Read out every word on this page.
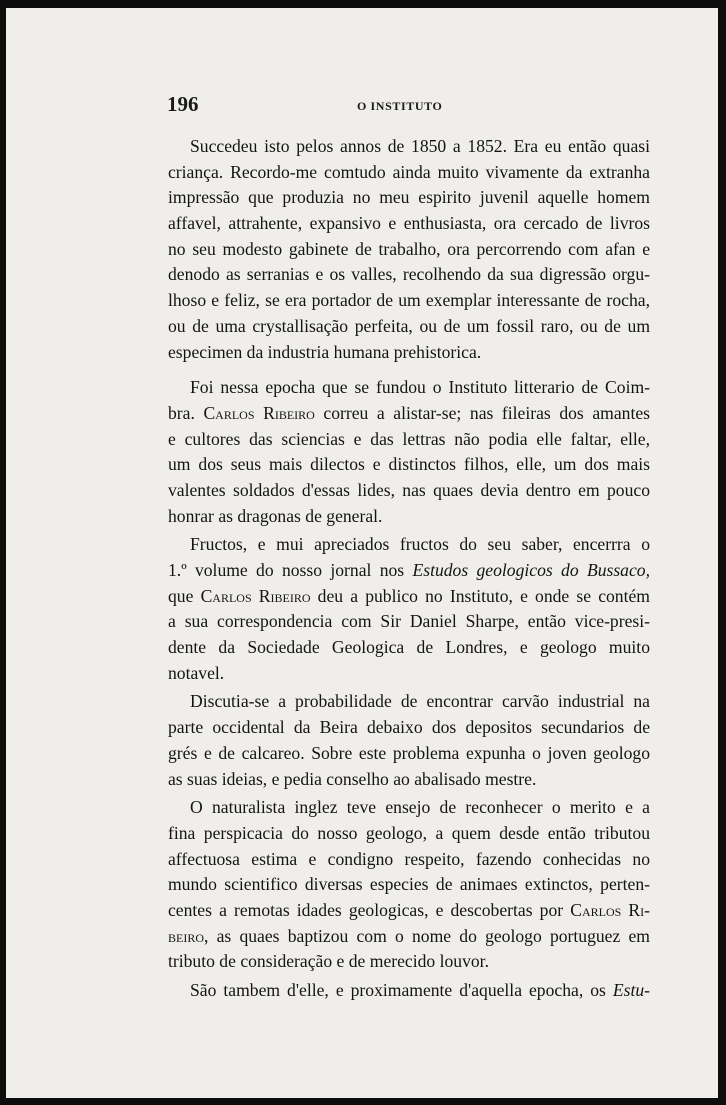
196	O INSTITUTO
Succedeu isto pelos annos de 1850 a 1852. Era eu então quasi
criança. Recordo-me comtudo ainda muito vivamente da extranha
impressão que produzia no meu espirito juvenil aquelle homem
affavel, attrahente, expansivo e enthusiasta, ora cercado de livros
no seu modesto gabinete de trabalho, ora percorrendo com afan e
denodo as serranias e os valles, recolhendo da sua digressão orgu-
lhoso e feliz, se era portador de um exemplar interessante de rocha,
ou de uma crystallisação perfeita, ou de um fossil raro, ou de um
especimen da industria humana prehistorica.
Foi nessa epocha que se fundou o Instituto litterario de Coim-
bra. Carlos Ribeiro correu a alistar-se; nas fileiras dos amantes
e cultores das sciencias e das lettras não podia elle faltar, elle,
um dos seus mais dilectos e distinctos filhos, elle, um dos mais
valentes soldados d'essas lides, nas quaes devia dentro em pouco
honrar as dragonas de general.
Fructos, e mui apreciados fructos do seu saber, encerrra o
1.º volume do nosso jornal nos Estudos geologicos do Bussaco,
que Carlos Ribeiro deu a publico no Instituto, e onde se contém
a sua correspondencia com Sir Daniel Sharpe, então vice-presi-
dente da Sociedade Geologica de Londres, e geologo muito
notavel.
Discutia-se a probabilidade de encontrar carvão industrial na
parte occidental da Beira debaixo dos depositos secundarios de
grés e de calcareo. Sobre este problema expunha o joven geologo
as suas ideias, e pedia conselho ao abalisado mestre.
O naturalista inglez teve ensejo de reconhecer o merito e a
fina perspicacia do nosso geologo, a quem desde então tributou
affectuosa estima e condigno respeito, fazendo conhecidas no
mundo scientifico diversas especies de animaes extinctos, perten-
centes a remotas idades geologicas, e descobertas por Carlos Ri-
beiro, as quaes baptizou com o nome do geologo portuguez em
tributo de consideração e de merecido louvor.
São tambem d'elle, e proximamente d'aquella epocha, os Estu-
